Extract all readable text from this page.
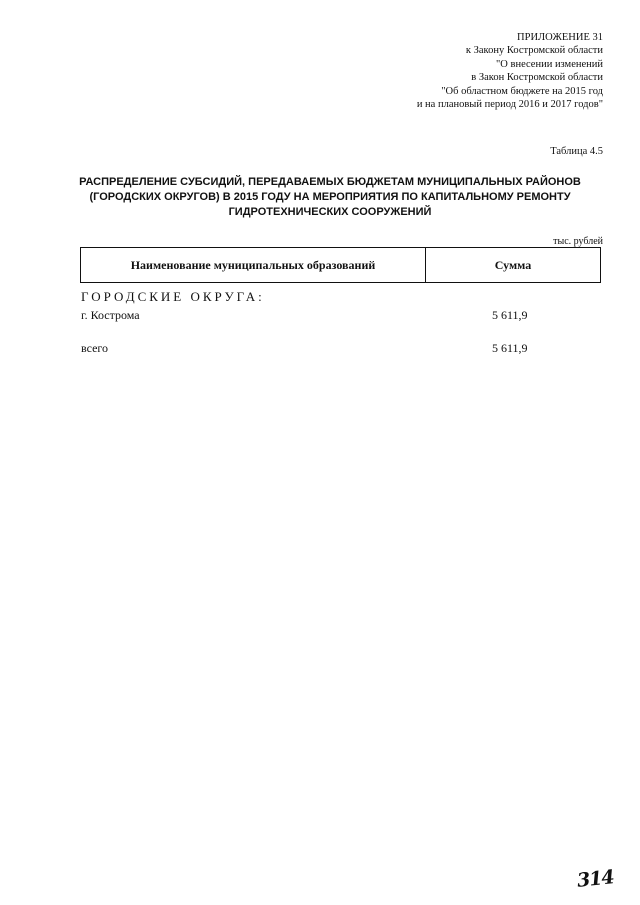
ПРИЛОЖЕНИЕ 31
к Закону Костромской области
"О внесении изменений
в Закон Костромской области
"Об областном бюджете на 2015 год
и на плановый период 2016 и 2017 годов"
Таблица 4.5
РАСПРЕДЕЛЕНИЕ СУБСИДИЙ, ПЕРЕДАВАЕМЫХ БЮДЖЕТАМ МУНИЦИПАЛЬНЫХ РАЙОНОВ
(ГОРОДСКИХ ОКРУГОВ) В 2015 ГОДУ НА МЕРОПРИЯТИЯ ПО КАПИТАЛЬНОМУ РЕМОНТУ
ГИДРОТЕХНИЧЕСКИХ СООРУЖЕНИЙ
тыс. рублей
Наименование муниципальных образований	Сумма
ГОРОДСКИЕ ОКРУГА:
г. Кострома	5 611,9
всего	5 611,9
314
